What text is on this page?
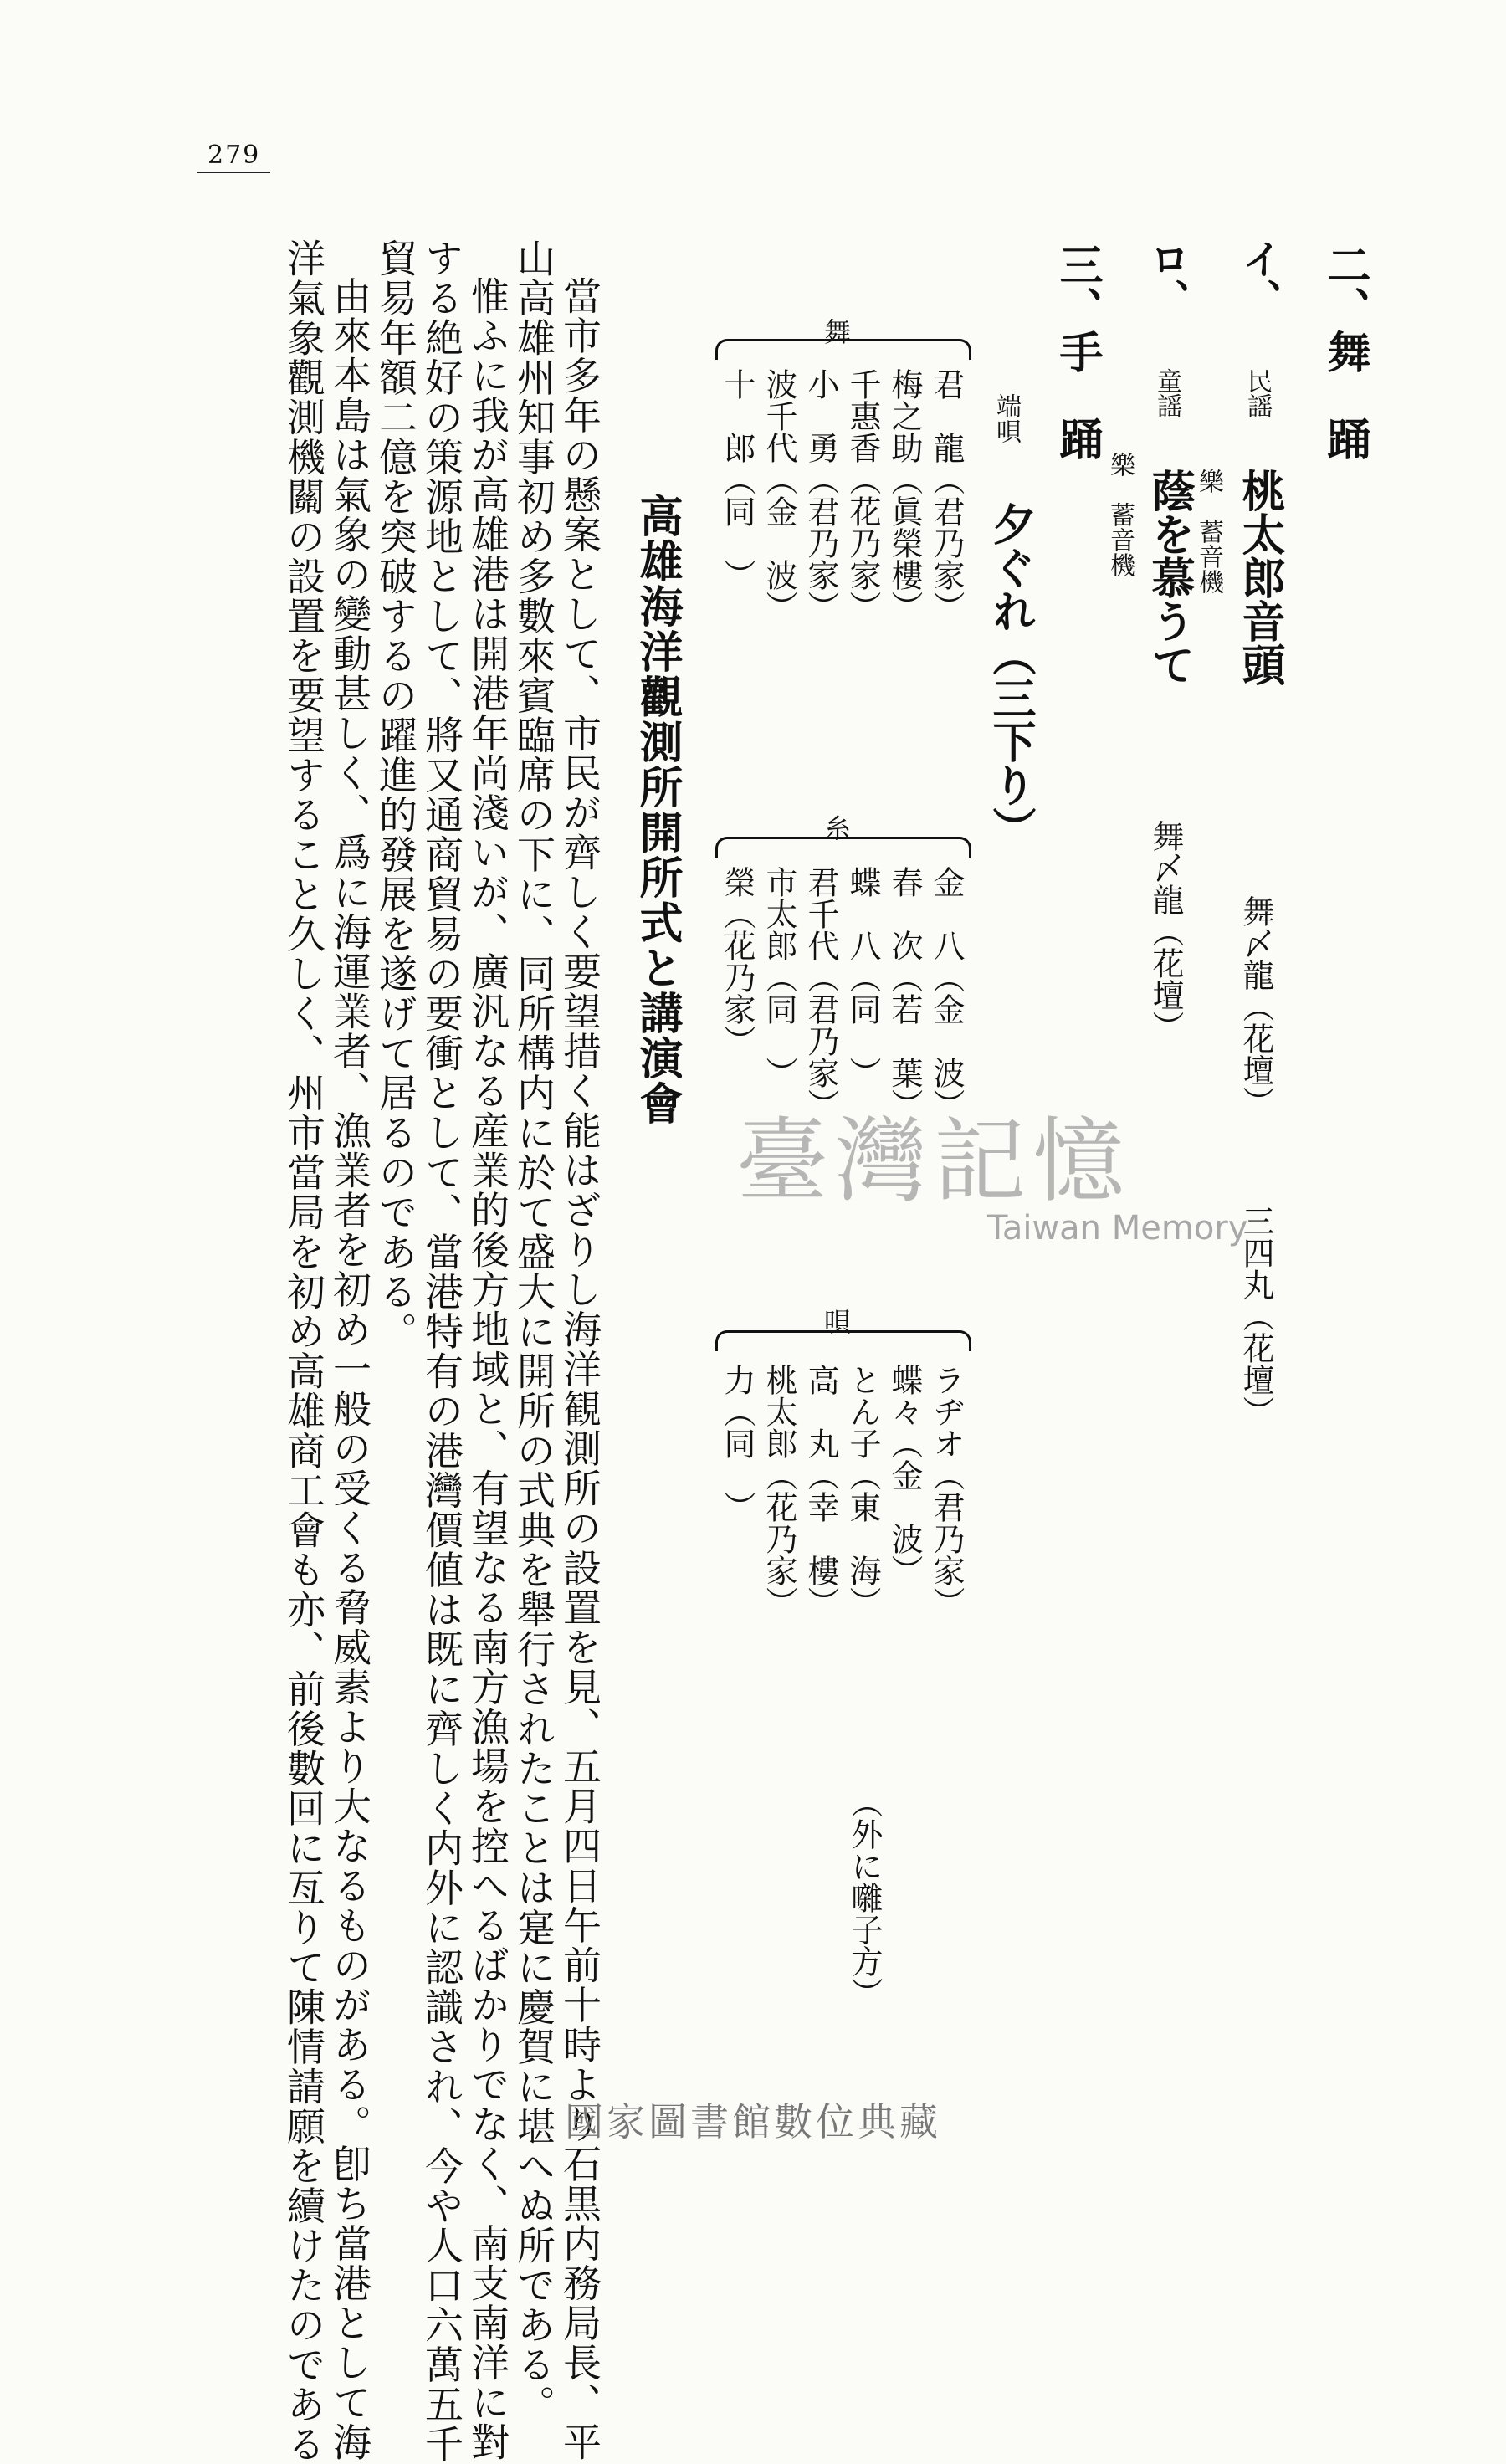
279
二、舞　踊
イ、
民謡
桃太郎音頭
舞〆龍（花壇）
三四丸（花壇）
樂　蓄音機
ロ、
童謡
蔭を慕うて
舞〆龍（花壇）
樂　蓄音機
三、手　踊
端唄
夕ぐれ（三下り）
舞
君　龍（君乃家）
梅之助（眞榮樓）
千惠香（花乃家）
小　勇（君乃家）
波千代（金　波）
十　郎（同　）
糸
金　八（金　波）
春　次（若　葉）
蝶　八（同　）
君千代（君乃家）
市太郎（同　）
榮（花乃家）
唄
ラヂオ（君乃家）
蝶々（金　波）
とん子（東　海）
高　丸（幸　樓）
桃太郎（花乃家）
力（同　）
（外に囃子方）
高雄海洋觀測所開所式と講演會
當市多年の懸案として、市民が齊しく要望措く能はざりし海洋観測所の設置を見、五月四日午前十時より石黒内務局長、平
山高雄州知事初め多數來賓臨席の下に、同所構内に於て盛大に開所の式典を舉行されたことは寔に慶賀に堪へぬ所である。
惟ふに我が高雄港は開港年尚淺いが、廣汎なる産業的後方地域と、有望なる南方漁場を控へるばかりでなく、南支南洋に對
する絶好の策源地として、將又通商貿易の要衝として、當港特有の港灣價値は既に齊しく内外に認識され、今や人口六萬五千
貿易年額二億を突破するの躍進的發展を遂げて居るのである。
由來本島は氣象の變動甚しく、爲に海運業者、漁業者を初め一般の受くる脅威素より大なるものがある。卽ち當港として海
洋氣象觀測機關の設置を要望すること久しく、州市當局を初め高雄商工會も亦、前後數回に亙りて陳情請願を續けたのである	臺灣記憶
Taiwan Memory
國家圖書館數位典藏
